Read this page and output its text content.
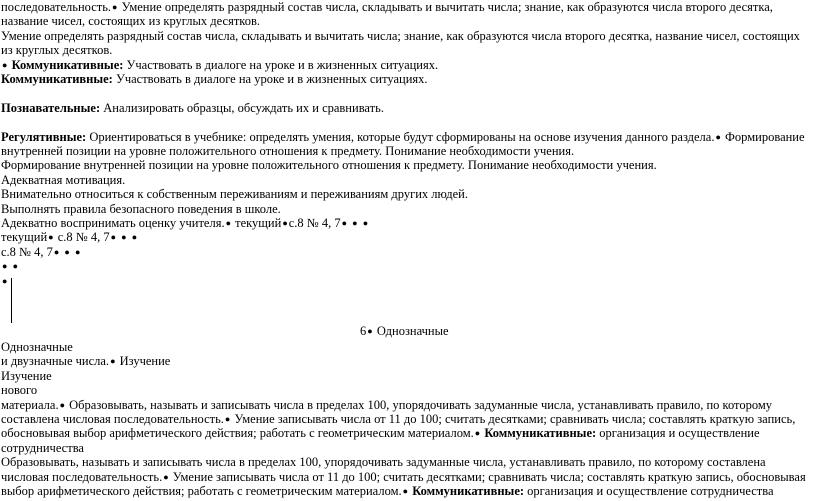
последовательность.● Умение определять разрядный состав числа, складывать и вычитать числа; знание, как образуются числа второго десятка, название чисел, состоящих из круглых десятков.

Умение определять разрядный состав числа, складывать и вычитать числа; знание, как образуются числа второго десятка, название чисел, состоящих из круглых десятков.

● Коммуникативные: Участвовать в диалоге на уроке и в жизненных ситуациях.

Коммуникативные: Участвовать в диалоге на уроке и в жизненных ситуациях.

Познавательные: Анализировать образцы, обсуждать их и сравнивать.

Регулятивные: Ориентироваться в учебнике: определять умения, которые будут сформированы на основе изучения данного раздела.● Формирование внутренней позиции на уровне положительного отношения к предмету. Понимание необходимости учения.

Формирование внутренней позиции на уровне положительного отношения к предмету. Понимание необходимости учения.

Адекватная мотивация.

Внимательно относиться к собственным переживаниям и переживаниям других людей.

Выполнять правила безопасного поведения в школе.

Адекватно воспринимать оценку учителя.● текущий●с.8 № 4, 7● ● ●

текущий● с.8 № 4, 7● ● ●

с.8 № 4, 7● ● ●

● ●

●

6● Однозначные

Однозначные

и двузначные числа.● Изучение

Изучение

нового

материала.● Образовывать, называть и записывать числа в пределах 100, упорядочивать задуманные числа, устанавливать правило, по которому составлена числовая последовательность.● Умение записывать числа от 11 до 100; считать десятками; сравнивать числа; составлять краткую запись, обосновывая выбор арифметического действия; работать с геометрическим материалом.● Коммуникативные: организация и осуществление сотрудничества

Образовывать, называть и записывать числа в пределах 100, упорядочивать задуманные числа, устанавливать правило, по которому составлена числовая последовательность.● Умение записывать числа от 11 до 100; считать десятками; сравнивать числа; составлять краткую запись, обосновывая выбор арифметического действия; работать с геометрическим материалом.● Коммуникативные: организация и осуществление сотрудничества
